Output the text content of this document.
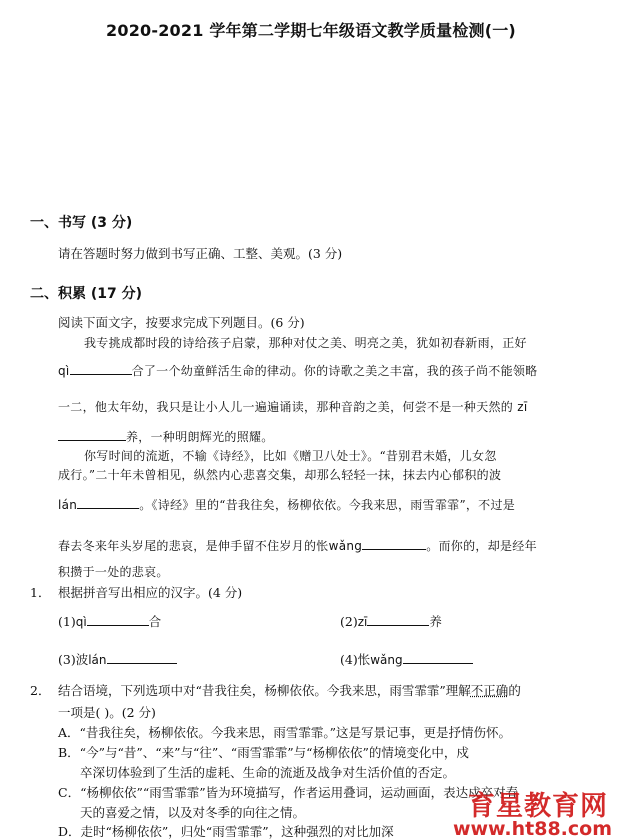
2020-2021 学年第二学期七年级语文教学质量检测(一)
一、书写 (3 分)
请在答题时努力做到书写正确、工整、美观。(3 分)
二、积累 (17 分)
阅读下面文字，按要求完成下列题目。(6 分)
我专挑成都时段的诗给孩子启蒙，那种对仗之美、明亮之美，犹如初春新雨，正好
qì	合了一个幼童鲜活生命的律动。你的诗歌之美之丰富，我的孩子尚不能领略
一二，他太年幼，我只是让小人儿一遍遍诵读，那种音韵之美，何尝不是一种天然的 zī
养，一种明朗辉光的照耀。
你写时间的流逝，不输《诗经》，比如《赠卫八处士》。“昔别君未婚，儿女忽
成行。”二十年未曾相见，纵然内心悲喜交集，却那么轻轻一抹，抹去内心郁积的波
lán	。《诗经》里的“昔我往矣，杨柳依依。今我来思，雨雪霏霏”，不过是
春去冬来年头岁尾的悲哀，是伸手留不住岁月的怅wǎng	。而你的，却是经年
积攒于一处的悲哀。
1． 根据拼音写出相应的汉字。(4 分)
(1)qì	合	(2)zī	养
(3)波lán	(4)怅wǎng
2． 结合语境，下列选项中对“昔我往矣，杨柳依依。今我来思，雨雪霏霏”理解不正确的
一项是( )。(2 分)
A．“昔我往矣，杨柳依依。今我来思，雨雪霏霏。”这是写景记事，更是抒情伤怀。
B．“今”与“昔”、“来”与“往”、“雨雪霏霏”与“杨柳依依”的情境变化中，戍
卒深切体验到了生活的虚耗、生命的流逝及战争对生活价值的否定。
C．“杨柳依依”“雨雪霏霏”皆为环境描写，作者运用叠词，运动画面，表达戍卒对春
天的喜爱之情，以及对冬季的向往之情。
D．走时“杨柳依依”，归处“雨雪霏霏”，这种强烈的对比加深
育星教育网
www.ht88.com
